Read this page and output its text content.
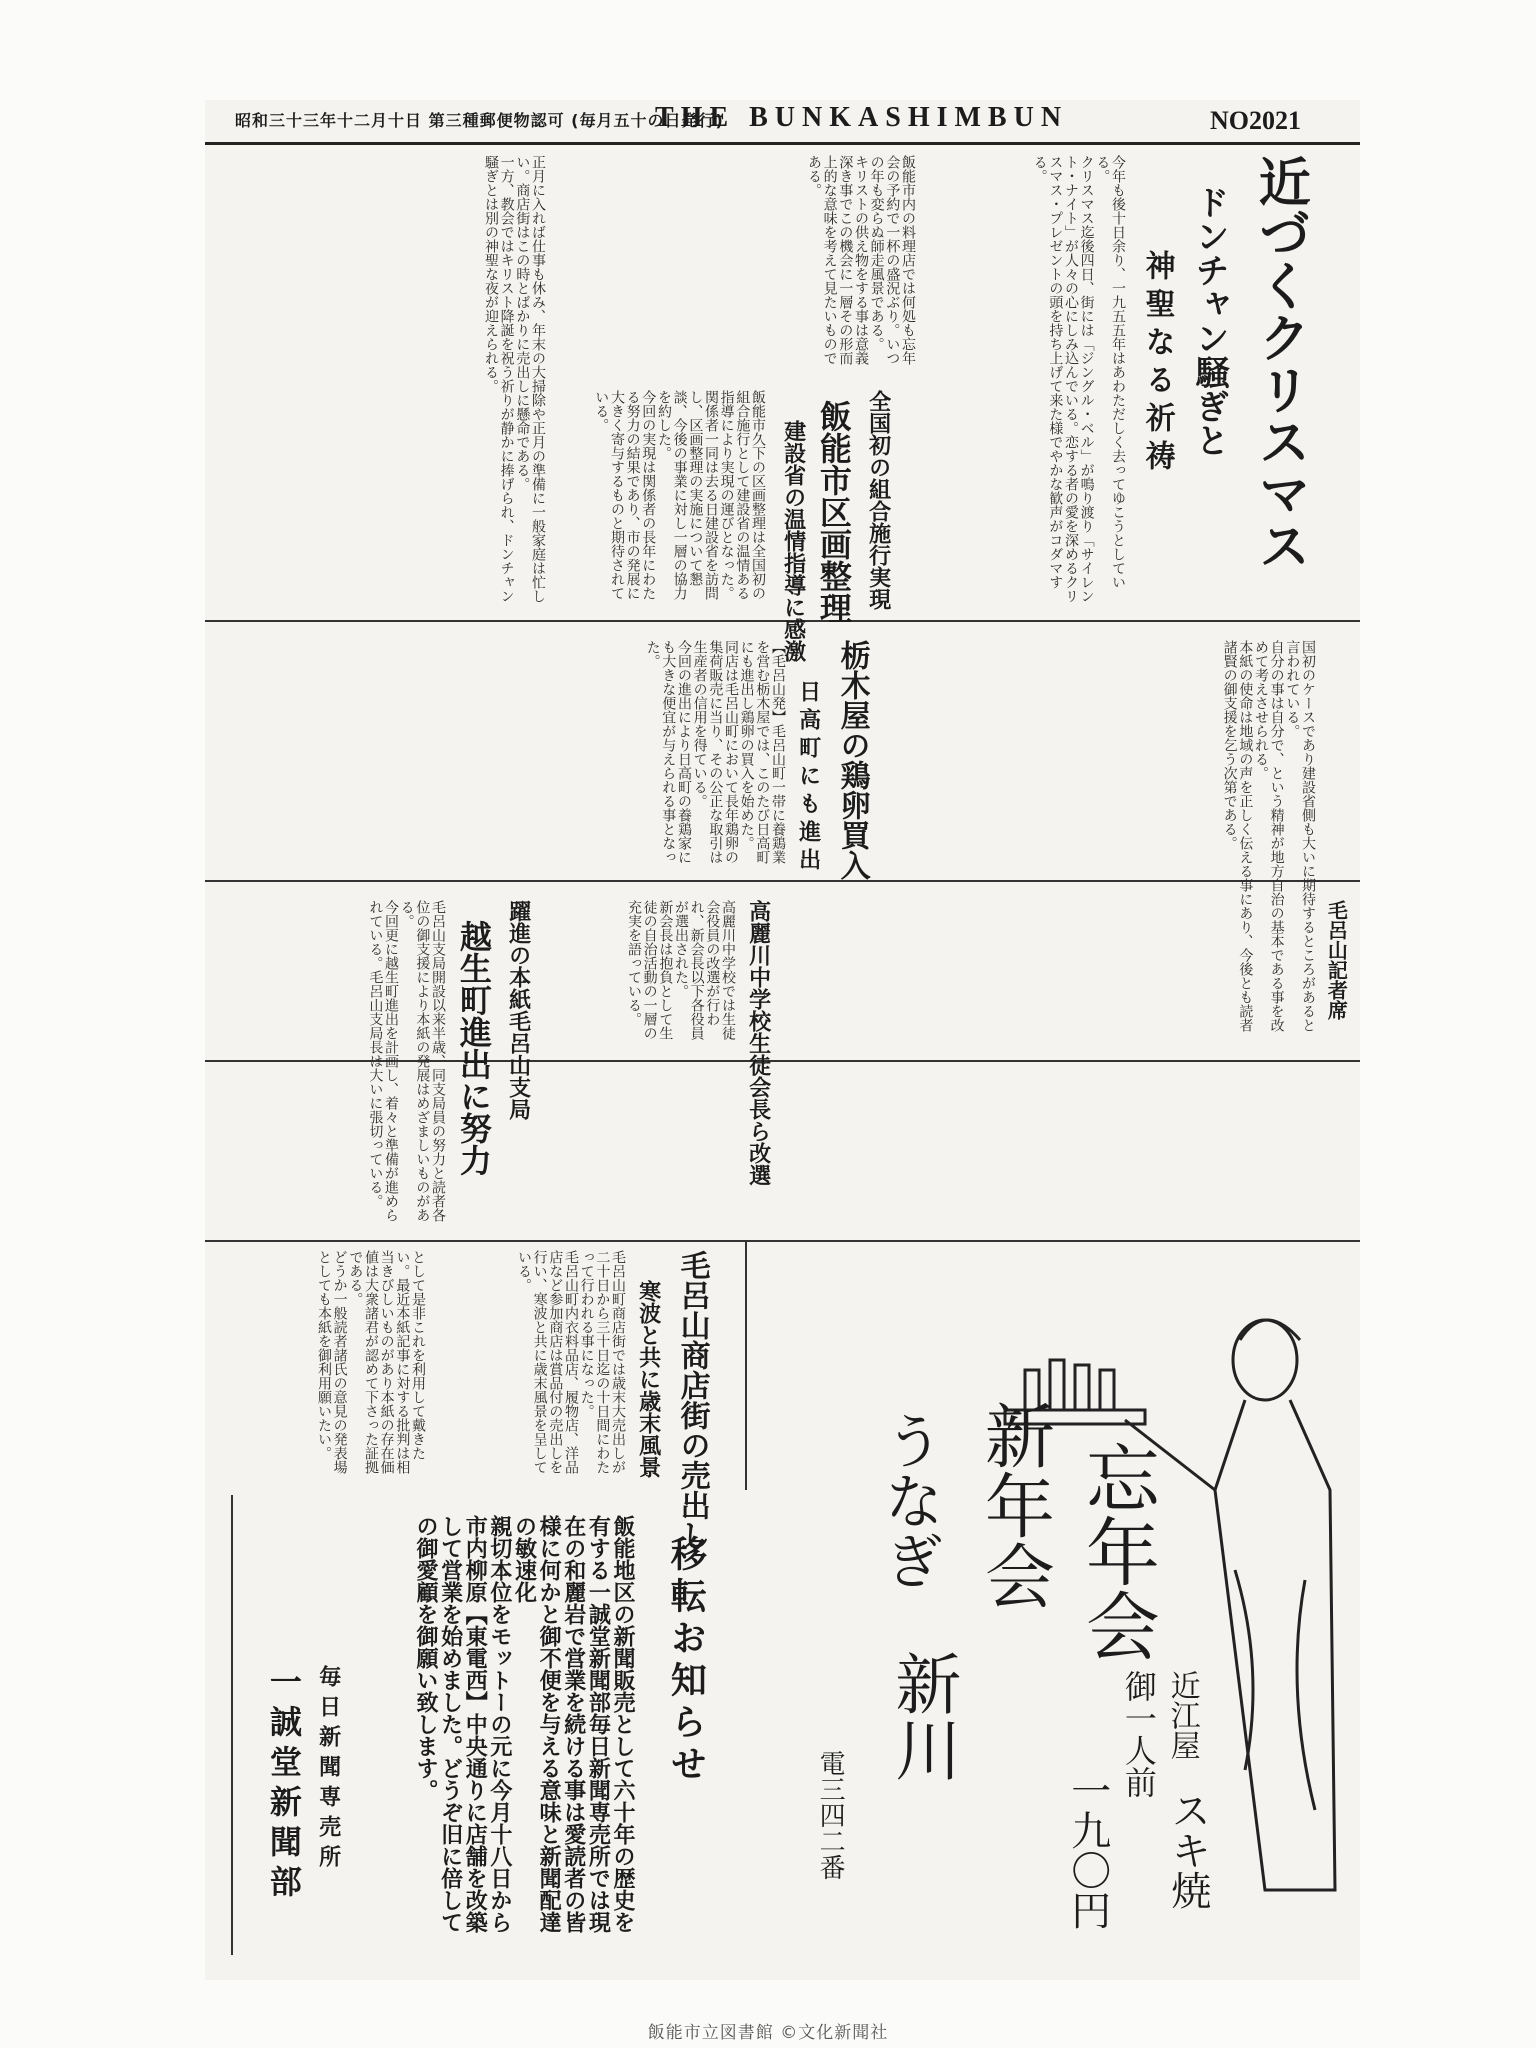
昭和三十三年十二月十日 第三種郵便物認可 (毎月五十の日発行)
THE BUNKASHIMBUN	NO2021
近づくクリスマス
ドンチャン騒ぎと
神聖なる祈祷

今年も後十日余り、一九五五年はあわただしく去ってゆこうとしている。

クリスマス迄後四日、街には「ジングル・ベル」が鳴り渡り「サイレント・ナイト」が人々の心にしみ込んでいる。恋する者の愛を深めるクリスマス・プレゼントの頭を持ち上げて来た様でやかな歓声がコダマする。

飯能市内の料理店では何処も忘年会の予約で一杯の盛況ぶり。いつの年も変らぬ師走風景である。

キリストの供え物をする事は意義深き事でこの機会に一層その形而上的な意味を考えて見たいものである。

正月に入れば仕事も休み、年末の大掃除や正月の準備に一般家庭は忙しい。商店街はこの時とばかりに売出しに懸命である。

一方、教会ではキリスト降誕を祝う祈りが静かに捧げられ、ドンチャン騒ぎとは別の神聖な夜が迎えられる。

全国初の組合施行実現
飯能市区画整理
建設省の温情指導に感激

飯能市久下の区画整理は全国初の組合施行として建設省の温情ある指導により実現の運びとなった。

関係者一同は去る日建設省を訪問し、区画整理の実施について懇談、今後の事業に対し一層の協力を約した。

今回の実現は関係者の長年にわたる努力の結果であり、市の発展に大きく寄与するものと期待されている。

栃木屋の鶏卵買入
日高町にも進出

【毛呂山発】毛呂山町一帯に養鶏業を営む栃木屋では、このたび日高町にも進出し鶏卵の買入を始めた。

同店は毛呂山町において長年鶏卵の集荷販売に当り、その公正な取引は生産者の信用を得ている。

今回の進出により日高町の養鶏家にも大きな便宜が与えられる事となった。

毛呂山記者席

国初のケースであり建設省側も大いに期待するところがあると言われている。

自分の事は自分で、という精神が地方自治の基本である事を改めて考えさせられる。

本紙の使命は地域の声を正しく伝える事にあり、今後とも読者諸賢の御支援を乞う次第である。

高麗川中学校生徒会長ら改選

高麗川中学校では生徒会役員の改選が行われ、新会長以下各役員が選出された。

新会長は抱負として生徒の自治活動の一層の充実を語っている。

躍進の本紙毛呂山支局
越生町進出に努力

毛呂山支局開設以来半歳、同支局員の努力と読者各位の御支援により本紙の発展はめざましいものがある。

今回更に越生町進出を計画し、着々と準備が進められている。毛呂山支局長は大いに張切っている。

毛呂山商店街の売出し
寒波と共に歳末風景

毛呂山町商店街では歳末大売出しが二十日から三十日迄の十日間にわたって行われる事になった。

毛呂山町内衣料品店、履物店、洋品店など参加商店は賞品付の売出しを行い、寒波と共に歳末風景を呈している。

として是非これを利用して戴きたい。最近本紙記事に対する批判は相当きびしいものがあり本紙の存在価値は大衆諸君が認めて下さった証拠である。

どうか一般読者諸氏の意見の発表場としても本紙を御利用願いたい。

忘年会
新年会
うなぎ
新川	近江屋
スキ焼
御一人前
一九〇円
電三四二番
移転お知らせ

飯能地区の新聞販売として六十年の歴史を有する一誠堂新聞部毎日新聞専売所では現在の和麗岩で営業を続ける事は愛読者の皆様に何かと御不便を与える意味と新聞配達の敏速化

親切本位をモットーの元に今月十八日から市内柳原【東電西】中央通りに店舗を改築して営業を始めました。どうぞ旧に倍しての御愛顧を御願い致します。

毎日新聞専売所
一誠堂新聞部
飯能市立図書館 ©文化新聞社
